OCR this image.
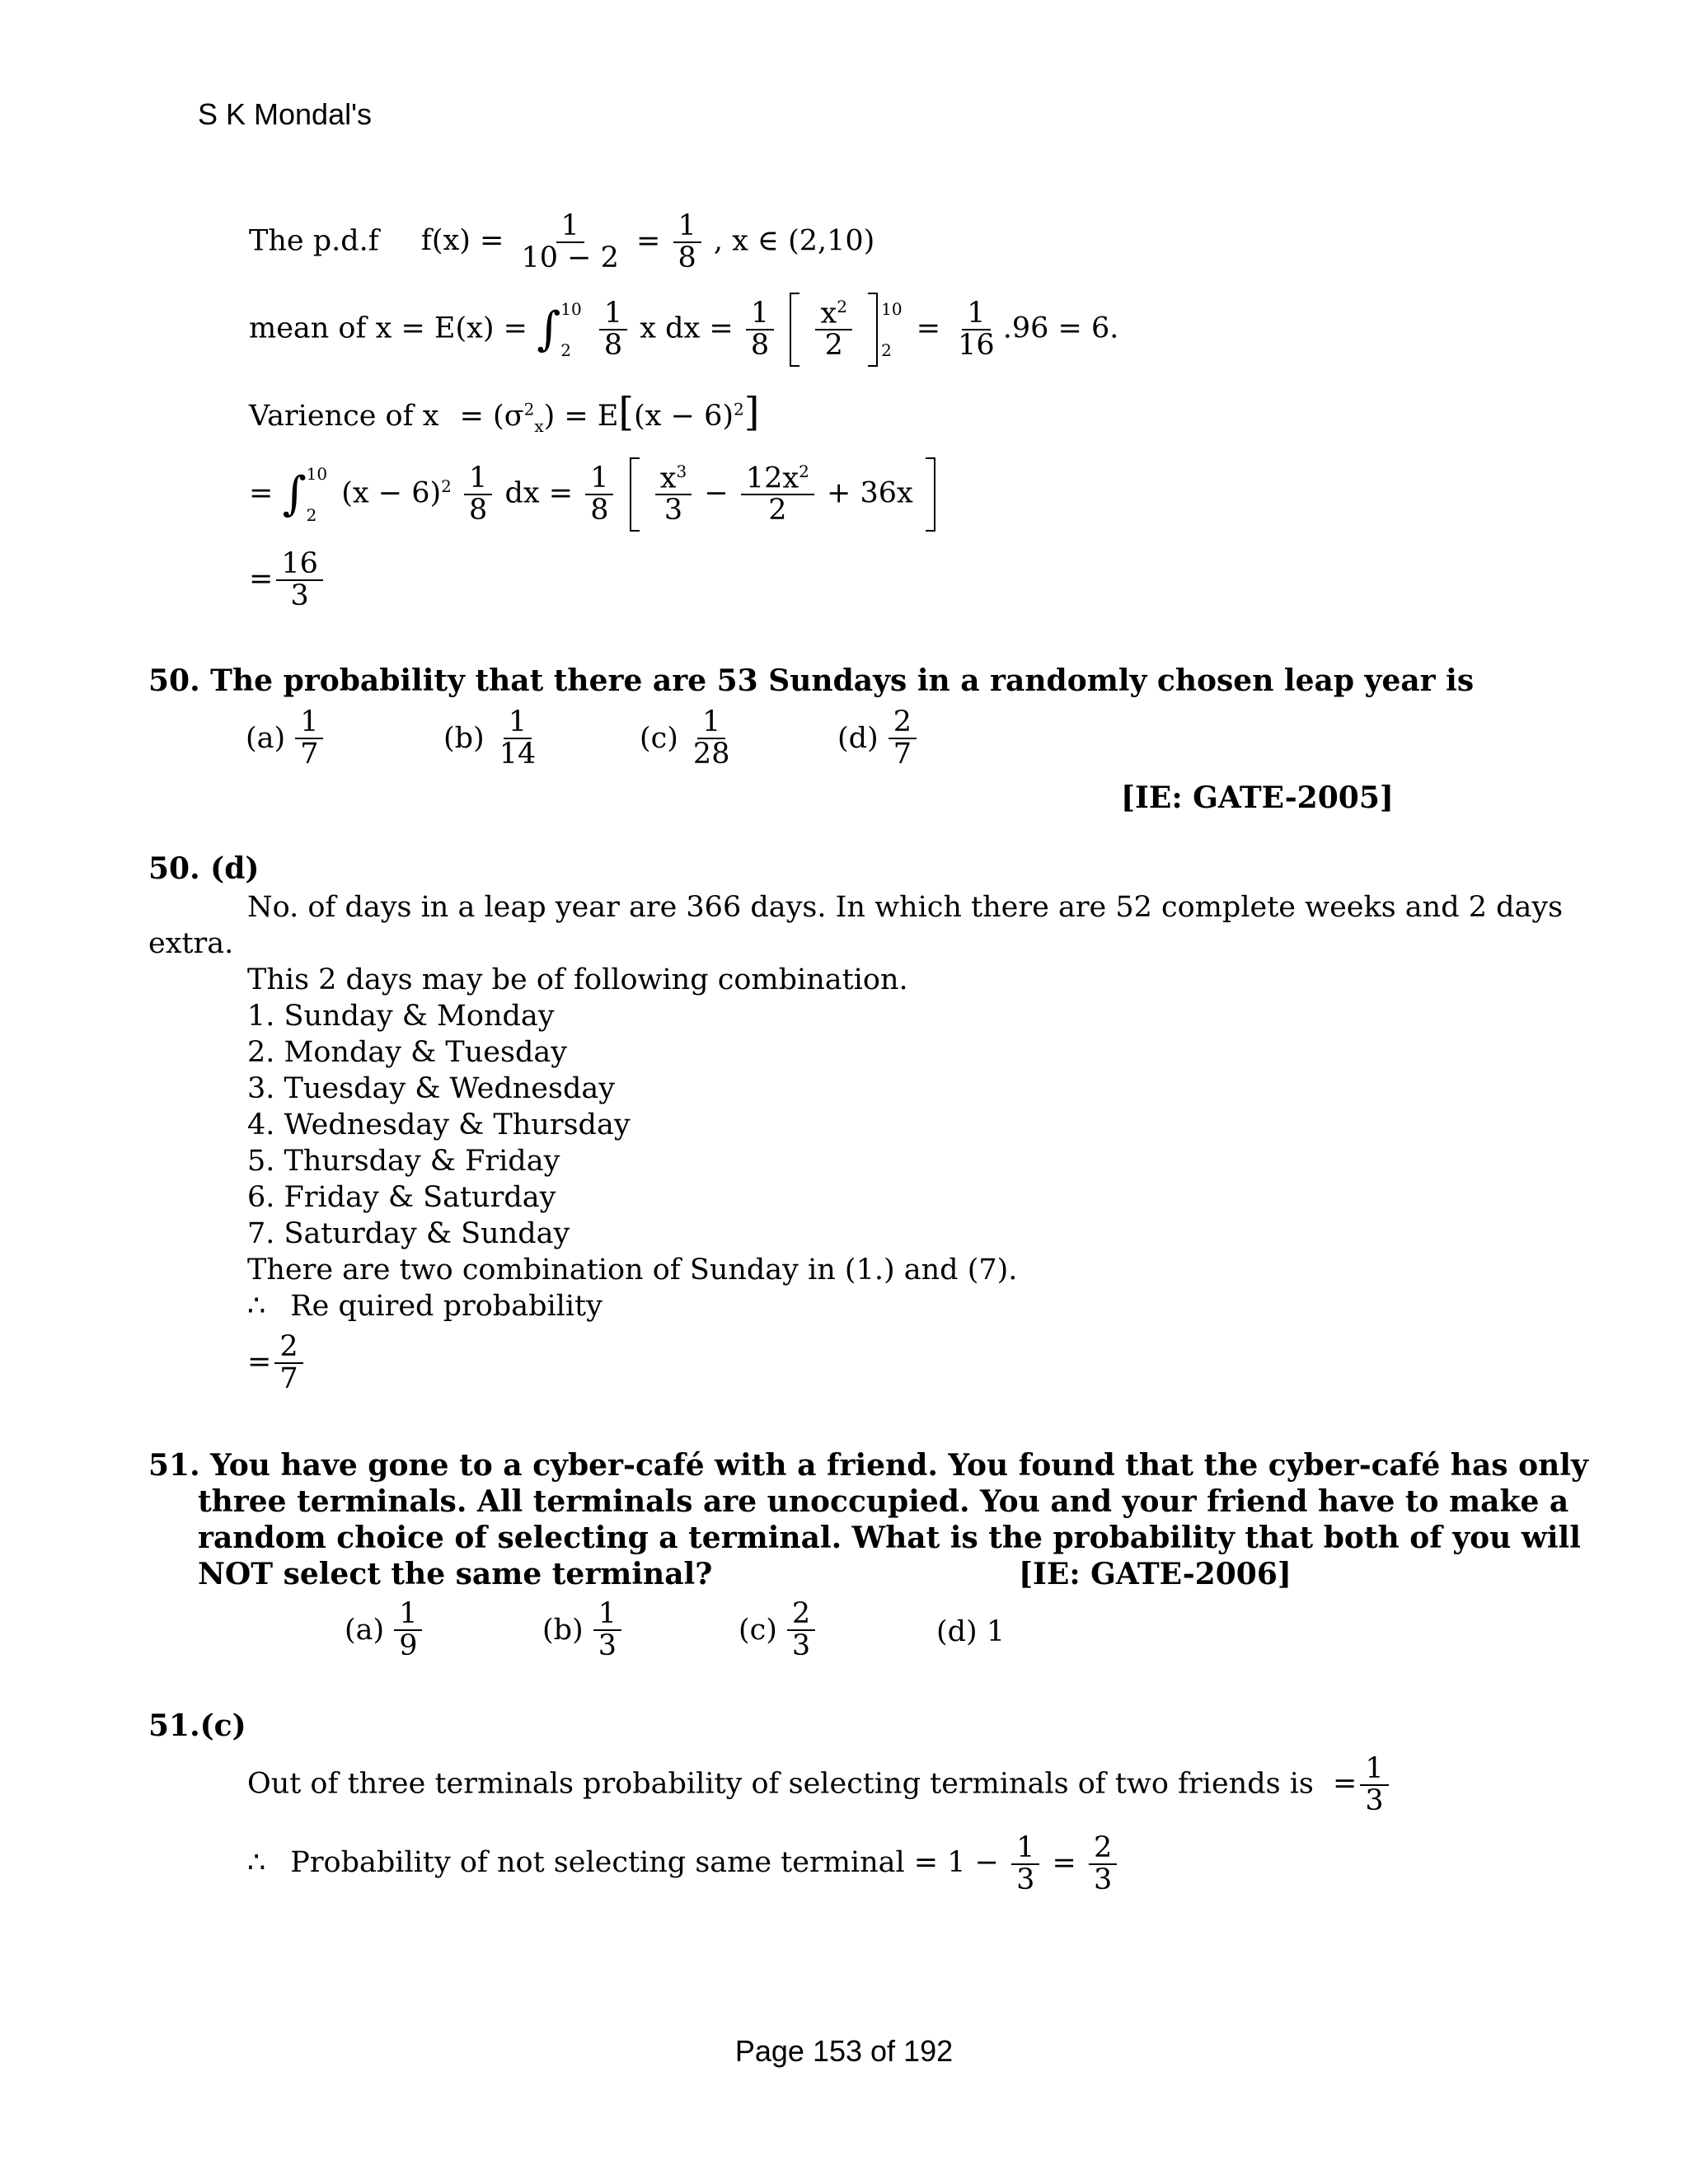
S K Mondal's
The p.d.f $f(x) = \frac{1}{10 - 2} = \frac{1}{8}$ , x ∈ (2,10)
mean of x = E(x) = ∫ 10
2
$\frac{1}{8}$ x dx = $\frac{1}{8}$
$\frac{x^2}{2}$
10
2
= $\frac{1}{16} .96 = 6$.
Varience of $x = (\sigma^2_x) = E[(x - 6)^2]$
= ∫ 10
2
$(x - 6)^2 \frac{1}{8}$ dx = $\frac{1}{8}$
$\frac{x^3}{3} - \frac{12x^2}{2} + 36x$
= $\frac{16}{3}$
50. The probability that there are 53 Sundays in a randomly chosen leap year is
$(a) \frac{1}{7}$	$(b) \frac{1}{14}$	$(c) \frac{1}{28}$	$(d) \frac{2}{7}$
[IE: GATE-2005]
50. (d)
No. of days in a leap year are 366 days. In which there are 52 complete weeks and 2 days
extra.
This 2 days may be of following combination.
1. Sunday & Monday
2. Monday & Tuesday
3. Tuesday & Wednesday
4. Wednesday & Thursday
5. Thursday & Friday
6. Friday & Saturday
7. Saturday & Sunday
There are two combination of Sunday in (1.) and (7).
∴ Re quired probability
= $\frac{2}{7}$
51. You have gone to a cyber-café with a friend. You found that the cyber-café has only
three terminals. All terminals are unoccupied. You and your friend have to make a
random choice of selecting a terminal. What is the probability that both of you will
NOT select the same terminal?	[IE: GATE-2006]
$(a) \frac{1}{9}$	$(b) \frac{1}{3}$	$(c) \frac{2}{3}$	(d) 1
51.(c)
Out of three terminals probability of selecting terminals of two friends is = $\frac{1}{3}$
∴ Probability of not selecting same terminal = $1 - \frac{1}{3} = \frac{2}{3}$
Page 153 of 192
